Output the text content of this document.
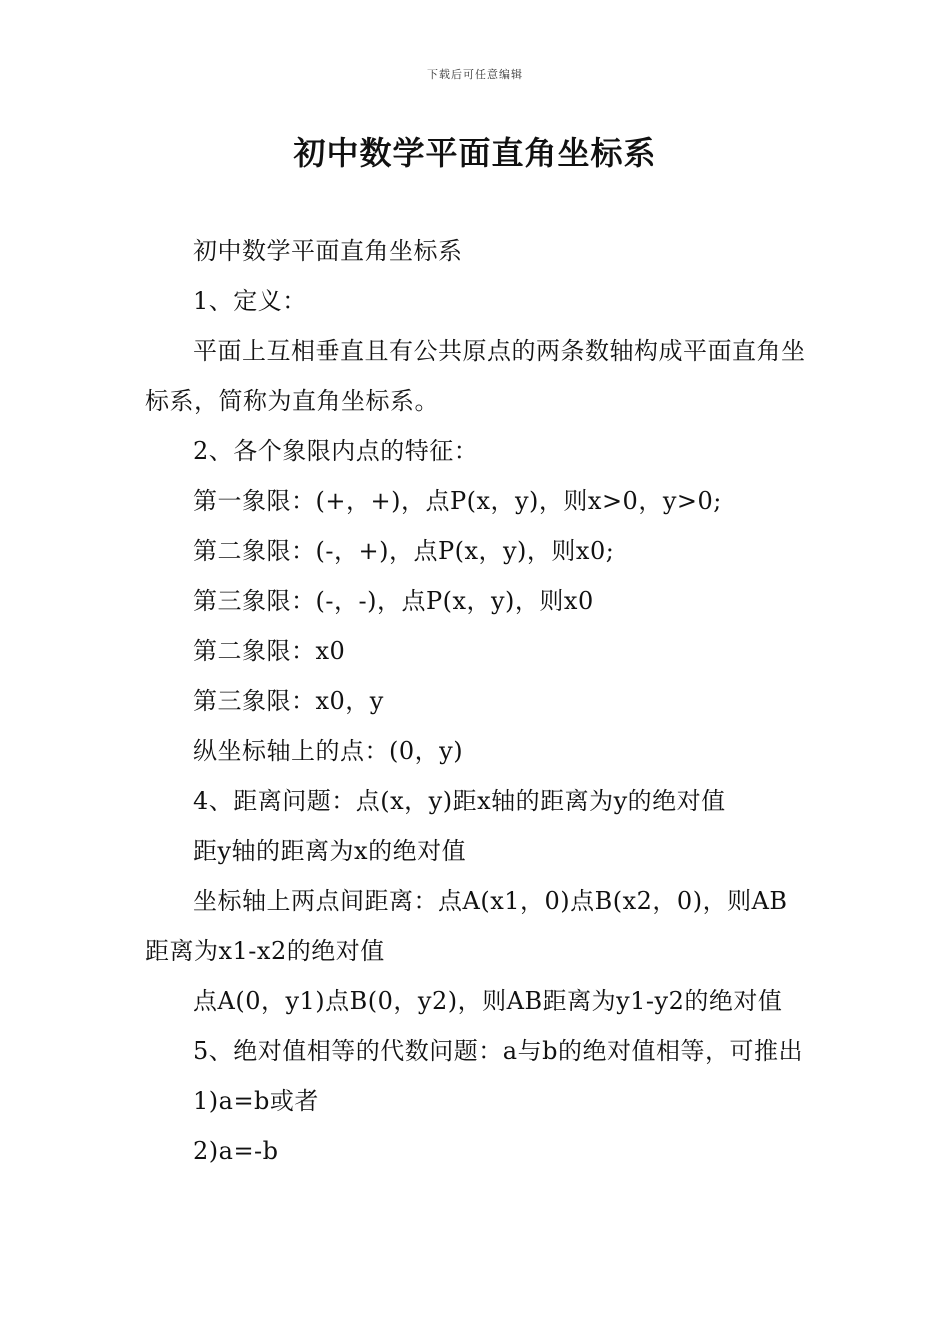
下载后可任意编辑
初中数学平面直角坐标系

初中数学平面直角坐标系

1、定义：

平面上互相垂直且有公共原点的两条数轴构成平面直角坐标系，简称为直角坐标系。

2、各个象限内点的特征：

第一象限：(+，+)，点P(x，y)，则x>0，y>0;

第二象限：(-，+)，点P(x，y)，则x0;

第三象限：(-，-)，点P(x，y)，则x0

第二象限：x0

第三象限：x0，y

纵坐标轴上的点：(0，y)

4、距离问题：点(x，y)距x轴的距离为y的绝对值

距y轴的距离为x的绝对值

坐标轴上两点间距离：点A(x1，0)点B(x2，0)，则AB距离为x1-x2的绝对值

点A(0，y1)点B(0，y2)，则AB距离为y1-y2的绝对值

5、绝对值相等的代数问题：a与b的绝对值相等，可推出

1)a=b或者

2)a=-b
